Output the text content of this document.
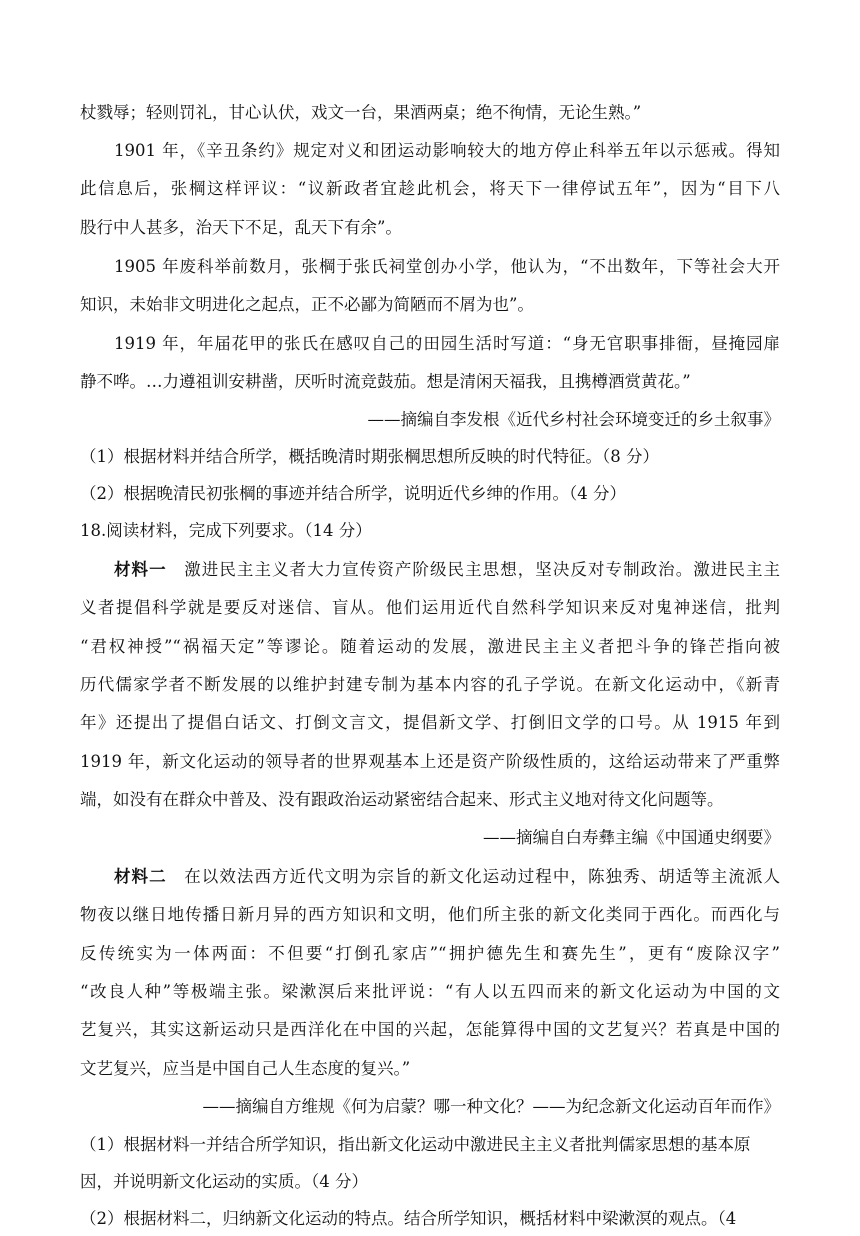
杖戮辱；轻则罚礼，甘心认伏，戏文一台，果酒两桌；绝不徇情，无论生熟。”
1901 年，《辛丑条约》规定对义和团运动影响较大的地方停止科举五年以示惩戒。得知
此信息后，张棡这样评议：“议新政者宜趁此机会，将天下一律停试五年”，因为“目下八
股行中人甚多，治天下不足，乱天下有余”。
1905 年废科举前数月，张棡于张氏祠堂创办小学，他认为，“不出数年，下等社会大开
知识，未始非文明进化之起点，正不必鄙为简陋而不屑为也”。
1919 年，年届花甲的张氏在感叹自己的田园生活时写道：“身无官职事排衙，昼掩园扉
静不哗。…力遵祖训安耕凿，厌听时流竞鼓茄。想是清闲天福我，且携樽酒赏黄花。”
——摘编自李发根《近代乡村社会环境变迁的乡土叙事》
（1）根据材料并结合所学，概括晚清时期张棡思想所反映的时代特征。（8 分）
（2）根据晚清民初张棡的事迹并结合所学，说明近代乡绅的作用。（4 分）
18.阅读材料，完成下列要求。（14 分）
材料一  激进民主主义者大力宣传资产阶级民主思想，坚决反对专制政治。激进民主主
义者提倡科学就是要反对迷信、盲从。他们运用近代自然科学知识来反对鬼神迷信，批判
“君权神授”“祸福天定”等谬论。随着运动的发展，激进民主主义者把斗争的锋芒指向被
历代儒家学者不断发展的以维护封建专制为基本内容的孔子学说。在新文化运动中，《新青
年》还提出了提倡白话文、打倒文言文，提倡新文学、打倒旧文学的口号。从 1915 年到
1919 年，新文化运动的领导者的世界观基本上还是资产阶级性质的，这给运动带来了严重弊
端，如没有在群众中普及、没有跟政治运动紧密结合起来、形式主义地对待文化问题等。
——摘编自白寿彝主编《中国通史纲要》
材料二  在以效法西方近代文明为宗旨的新文化运动过程中，陈独秀、胡适等主流派人
物夜以继日地传播日新月异的西方知识和文明，他们所主张的新文化类同于西化。而西化与
反传统实为一体两面：不但要“打倒孔家店”“拥护德先生和赛先生”，更有“废除汉字”
“改良人种”等极端主张。梁漱溟后来批评说：“有人以五四而来的新文化运动为中国的文
艺复兴，其实这新运动只是西洋化在中国的兴起，怎能算得中国的文艺复兴？若真是中国的
文艺复兴，应当是中国自己人生态度的复兴。”
——摘编自方维规《何为启蒙？哪一种文化？——为纪念新文化运动百年而作》
（1）根据材料一并结合所学知识，指出新文化运动中激进民主主义者批判儒家思想的基本原
因，并说明新文化运动的实质。（4 分）
（2）根据材料二，归纳新文化运动的特点。结合所学知识，概括材料中梁漱溟的观点。（4
